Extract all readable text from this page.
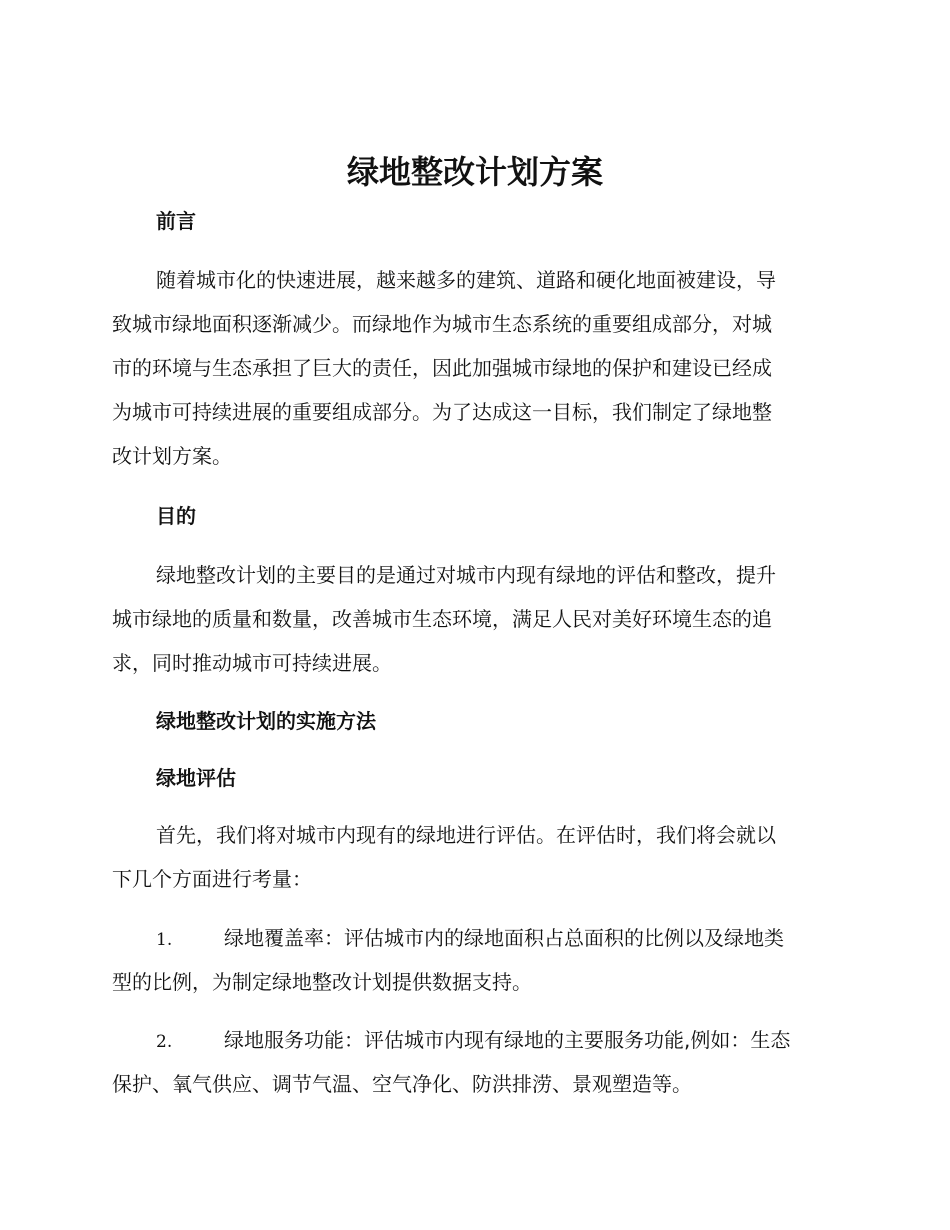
绿地整改计划方案
前言
随着城市化的快速进展，越来越多的建筑、道路和硬化地面被建设，导
致城市绿地面积逐渐减少。而绿地作为城市生态系统的重要组成部分，对城
市的环境与生态承担了巨大的责任，因此加强城市绿地的保护和建设已经成
为城市可持续进展的重要组成部分。为了达成这一目标，我们制定了绿地整
改计划方案。
目的
绿地整改计划的主要目的是通过对城市内现有绿地的评估和整改，提升
城市绿地的质量和数量，改善城市生态环境，满足人民对美好环境生态的追
求，同时推动城市可持续进展。
绿地整改计划的实施方法
绿地评估
首先，我们将对城市内现有的绿地进行评估。在评估时，我们将会就以
下几个方面进行考量：
1.	绿地覆盖率：评估城市内的绿地面积占总面积的比例以及绿地类
型的比例，为制定绿地整改计划提供数据支持。
2.	绿地服务功能：评估城市内现有绿地的主要服务功能,例如：生态
保护、氧气供应、调节气温、空气净化、防洪排涝、景观塑造等。
